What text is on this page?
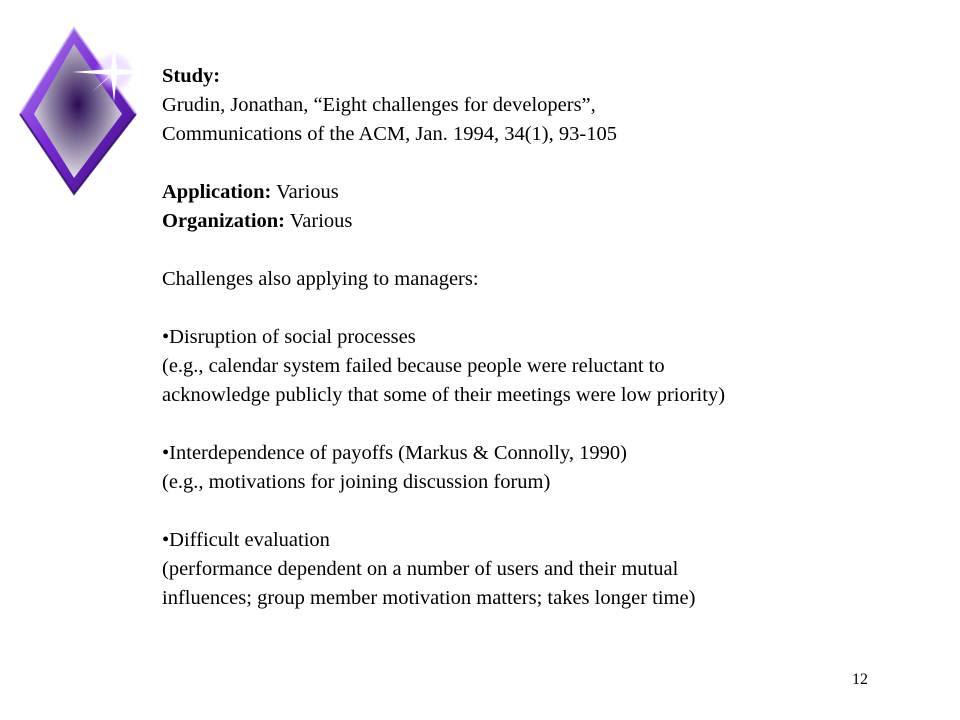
Study:
Grudin, Jonathan, “Eight challenges for developers”,
Communications of the ACM, Jan. 1994, 34(1), 93-105
Application: Various
Organization: Various
Challenges also applying to managers:
•Disruption of social processes
(e.g., calendar system failed because people were reluctant to
acknowledge publicly that some of their meetings were low priority)
•Interdependence of payoffs (Markus & Connolly, 1990)
(e.g., motivations for joining discussion forum)
•Difficult evaluation
(performance dependent on a number of users and their mutual
influences; group member motivation matters; takes longer time)
12
